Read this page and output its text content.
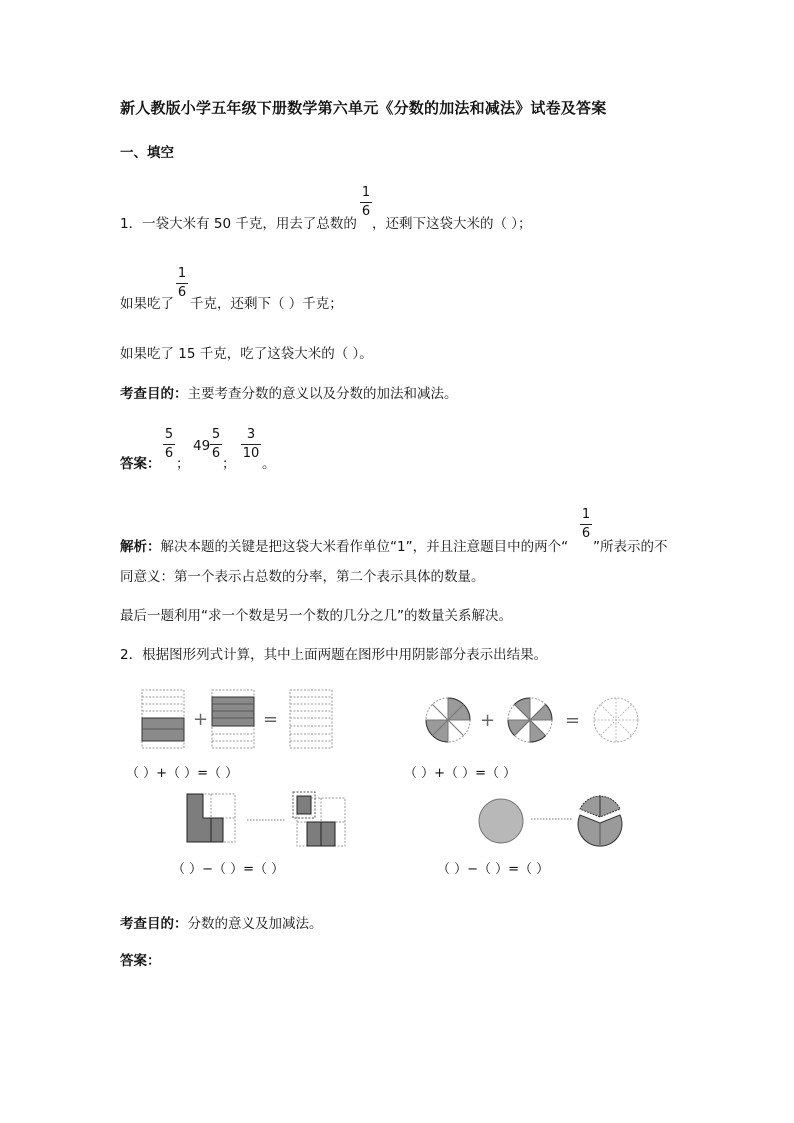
新人教版小学五年级下册数学第六单元《分数的加法和减法》试卷及答案
一、填空
1．一袋大米有 50 千克，用去了总数的
1
6
，还剩下这袋大米的（ ）；
如果吃了
1
6
千克，还剩下（ ）千克；
如果吃了 15 千克，吃了这袋大米的（ ）。
考查目的：主要考查分数的意义以及分数的加法和减法。
答案：
5
6
；
49
5
6
；
3
10
。
解析：解决本题的关键是把这袋大米看作单位“1”，并且注意题目中的两个“
1
6
”所表示的不
同意义：第一个表示占总数的分率，第二个表示具体的数量。
最后一题利用“求一个数是另一个数的几分之几”的数量关系解决。
2．根据图形列式计算，其中上面两题在图形中用阴影部分表示出结果。
+	=
（ ）+（ ）=（ ）
+	=
（ ）+（ ）=（ ）
（ ）−（ ）=（ ）	（ ）−（ ）=（ ）
考查目的：分数的意义及加减法。
答案：
